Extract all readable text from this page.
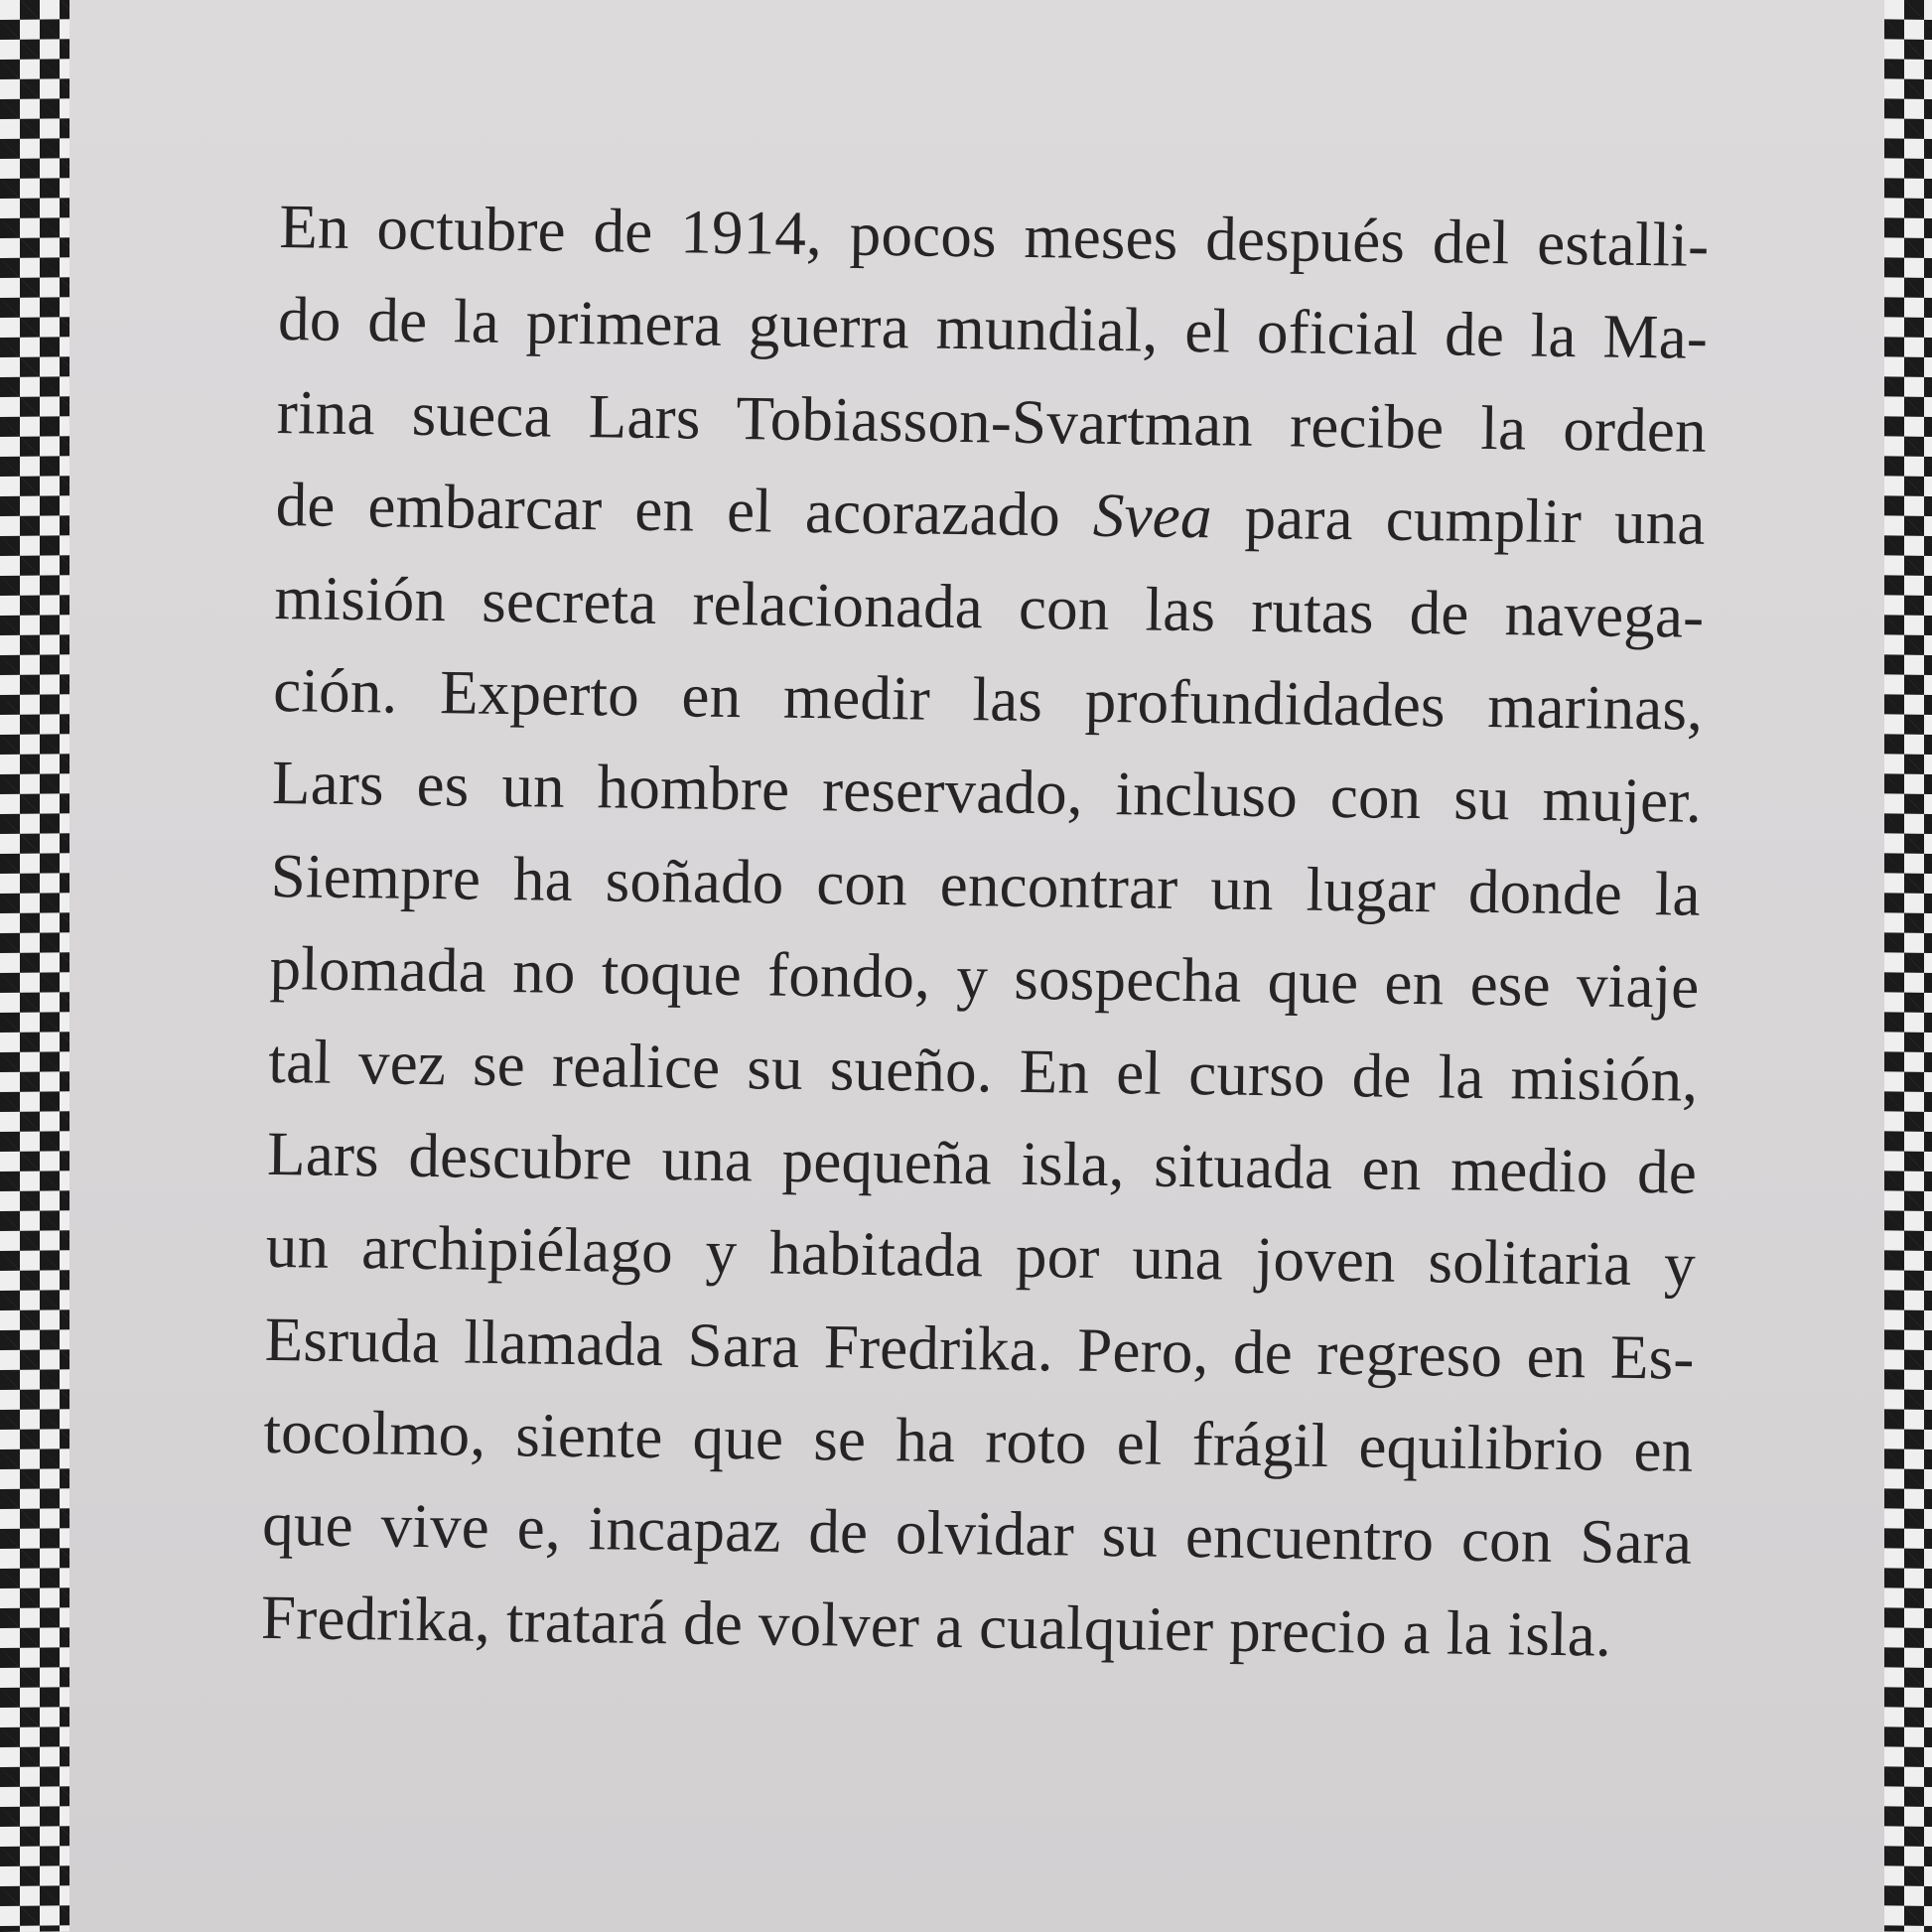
En octubre de 1914, pocos meses después del estalli-
do de la primera guerra mundial, el oficial de la Ma-
rina sueca Lars Tobiasson-Svartman recibe la orden
de embarcar en el acorazado Svea para cumplir una
misión secreta relacionada con las rutas de navega-
ción. Experto en medir las profundidades marinas,
Lars es un hombre reservado, incluso con su mujer.
Siempre ha soñado con encontrar un lugar donde la
plomada no toque fondo, y sospecha que en ese viaje
tal vez se realice su sueño. En el curso de la misión,
Lars descubre una pequeña isla, situada en medio de
un archipiélago y habitada por una joven solitaria y
Esruda llamada Sara Fredrika. Pero, de regreso en Es-
tocolmo, siente que se ha roto el frágil equilibrio en
que vive e, incapaz de olvidar su encuentro con Sara
Fredrika, tratará de volver a cualquier precio a la isla.
